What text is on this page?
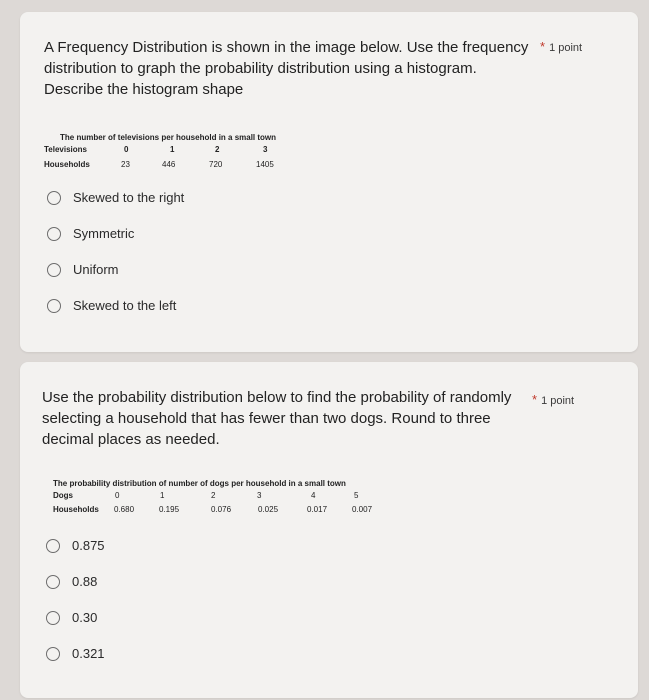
A Frequency Distribution is shown in the image below. Use the frequency distribution to graph the probability distribution using a histogram. Describe the histogram shape
* 1 point
The number of televisions per household in a small town
Televisions	0	1	2	3
Households	23	446	720	1405
Skewed to the right
Symmetric
Uniform
Skewed to the left
Use the probability distribution below to find the probability of randomly selecting a household that has fewer than two dogs. Round to three decimal places as needed.
* 1 point
The probability distribution of number of dogs per household in a small town
Dogs	0	1	2	3	4	5
Households 0.680	0.195	0.076	0.025	0.017	0.007
0.875
0.88
0.30
0.321
